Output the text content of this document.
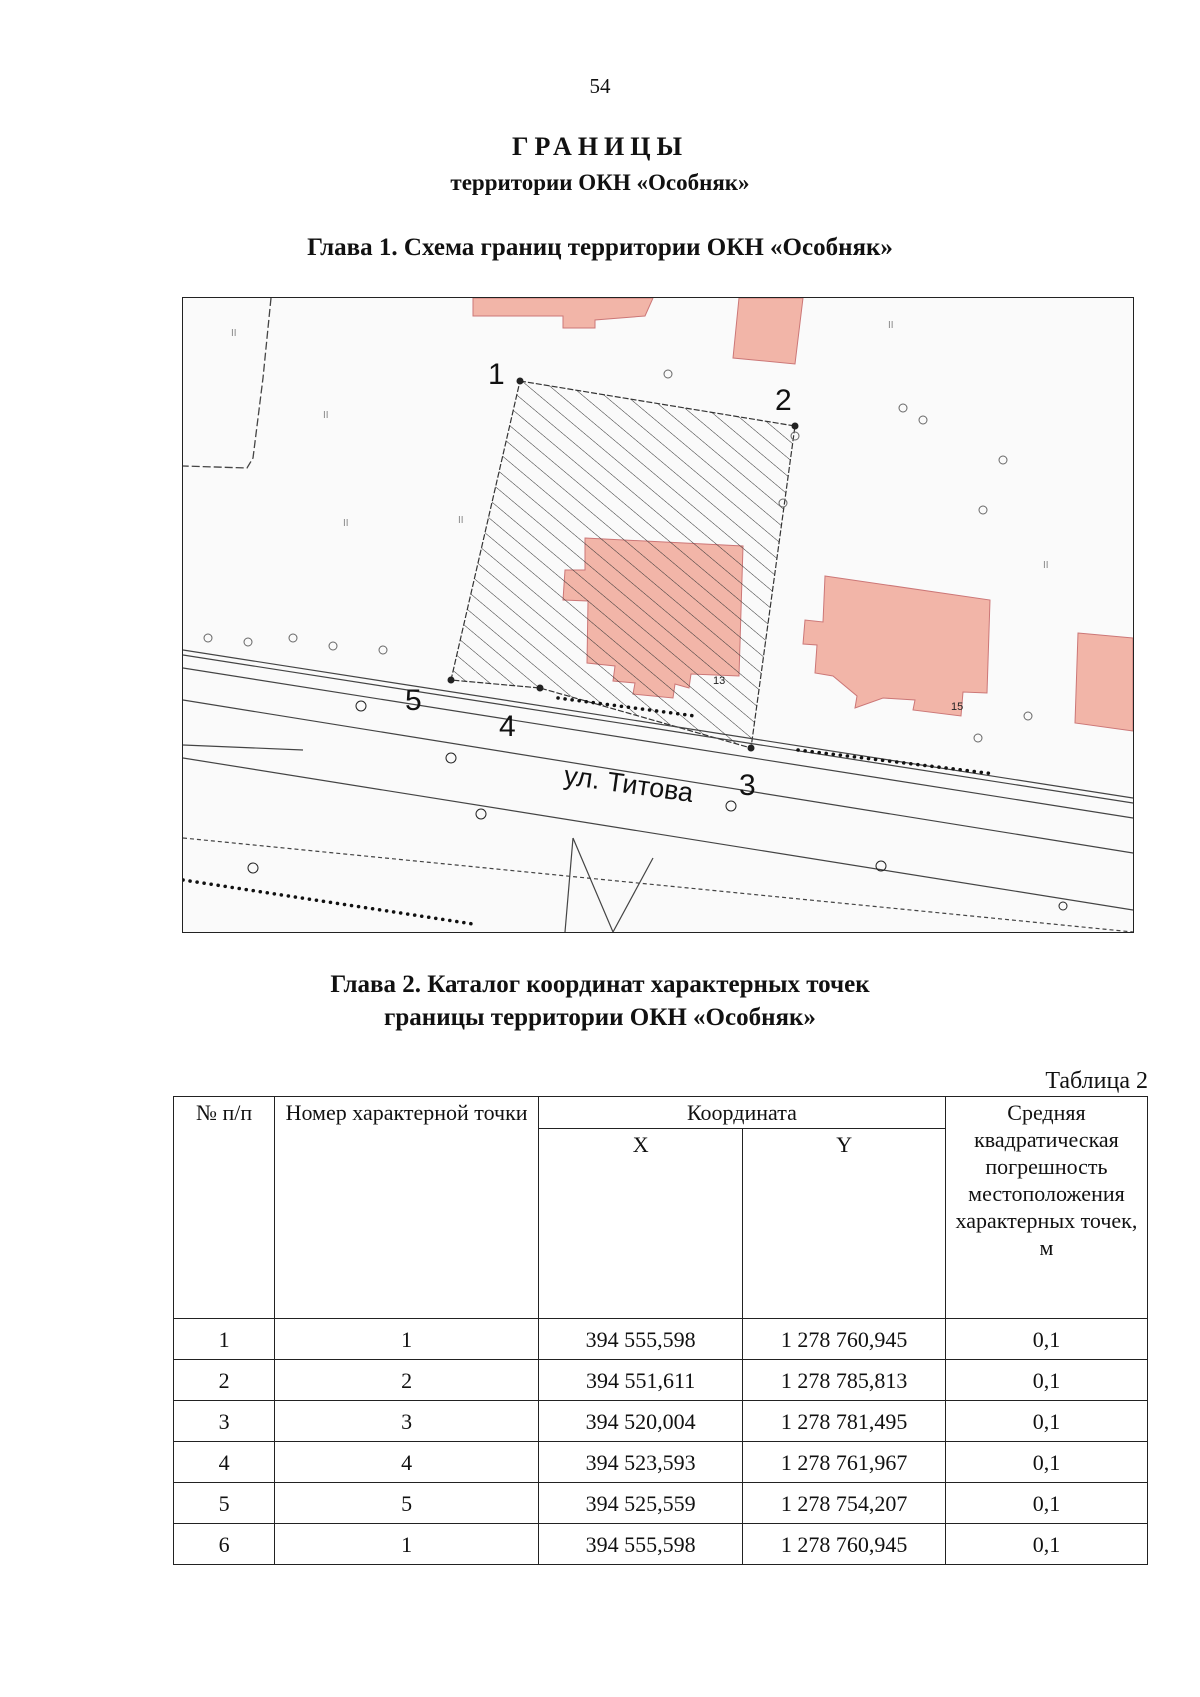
54
ГРАНИЦЫ
территории ОКН «Особняк»
Глава 1. Схема границ территории ОКН «Особняк»
15
II
II
II	II
II
II
1
2
3
4
5
ул. Титова
Глава 2. Каталог координат характерных точек
границы территории ОКН «Особняк»
Таблица 2
№ п/п	Номер характерной точки	Координата		Средняя квадратическая погрешность местоположения характерных точек, м
		X	Y	
1	1	394 555,598	1 278 760,945	0,1
2	2	394 551,611	1 278 785,813	0,1
3	3	394 520,004	1 278 781,495	0,1
4	4	394 523,593	1 278 761,967	0,1
5	5	394 525,559	1 278 754,207	0,1
6	1	394 555,598	1 278 760,945	0,1
